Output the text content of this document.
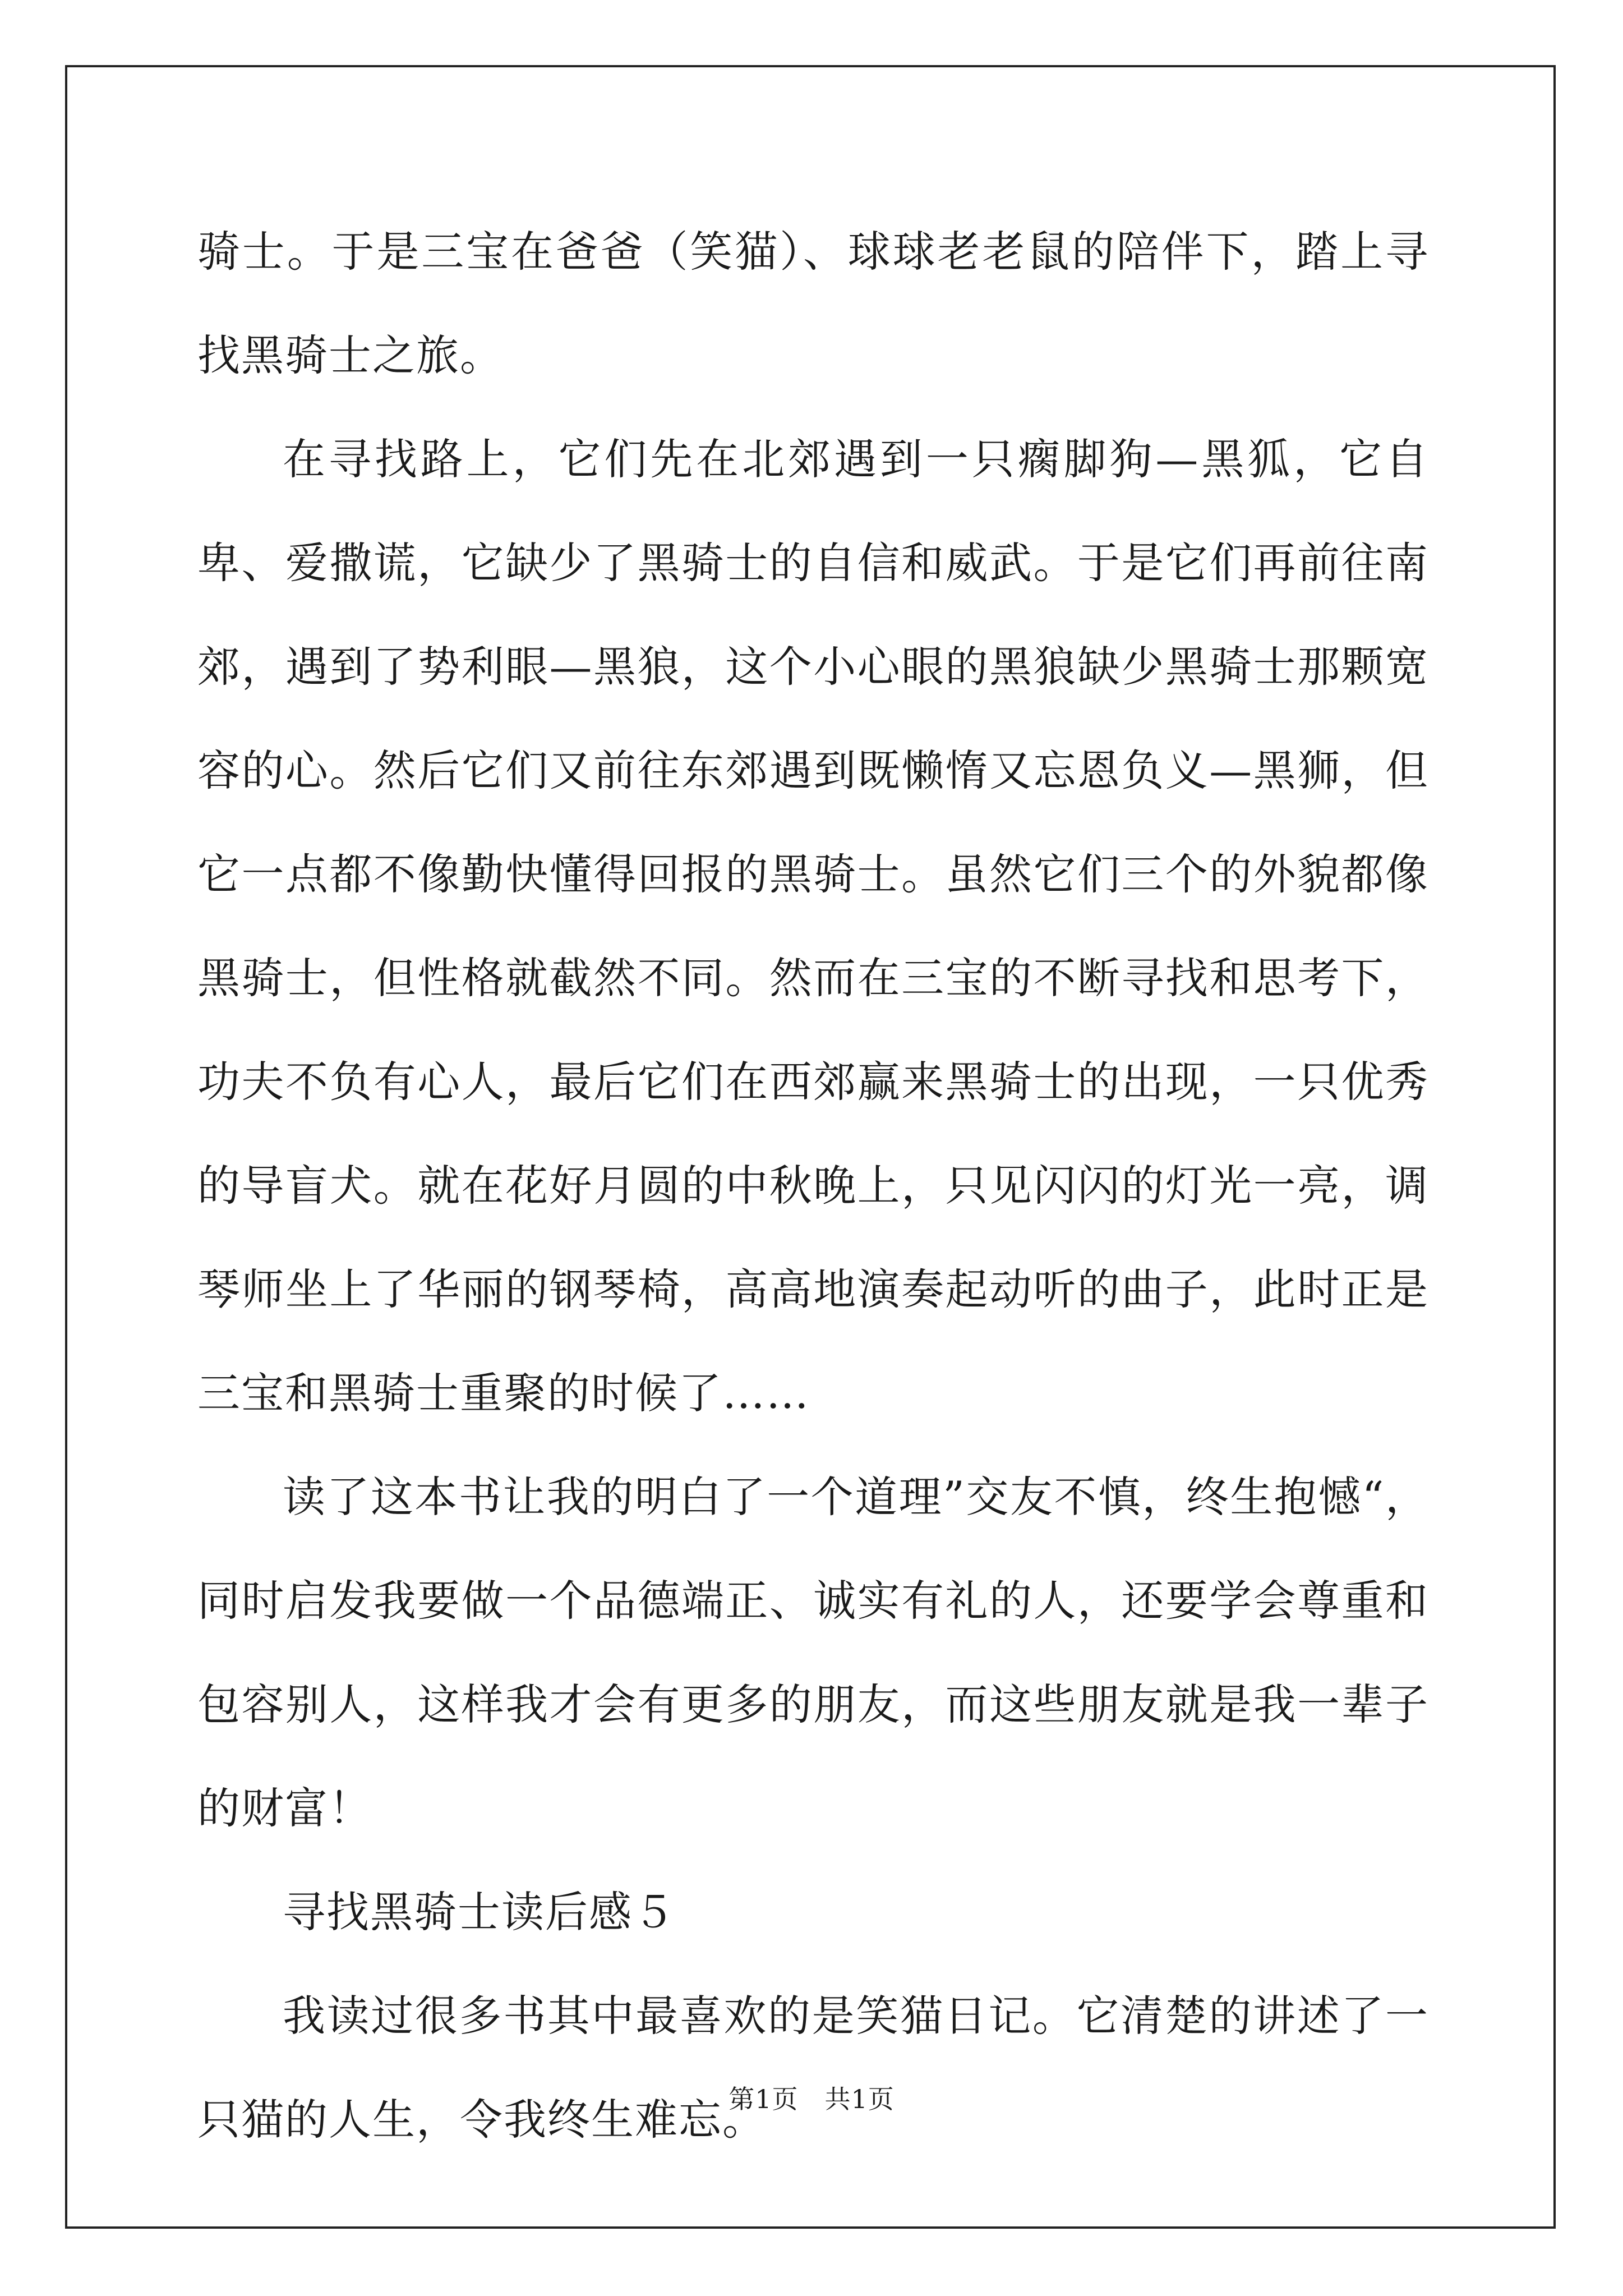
骑士。于是三宝在爸爸（笑猫）、球球老老鼠的陪伴下，踏上寻找黑骑士之旅。

在寻找路上，它们先在北郊遇到一只瘸脚狗—黑狐，它自卑、爱撒谎，它缺少了黑骑士的自信和威武。于是它们再前往南郊，遇到了势利眼—黑狼，这个小心眼的黑狼缺少黑骑士那颗宽容的心。然后它们又前往东郊遇到既懒惰又忘恩负义—黑狮，但它一点都不像勤快懂得回报的黑骑士。虽然它们三个的外貌都像黑骑士，但性格就截然不同。然而在三宝的不断寻找和思考下，功夫不负有心人，最后它们在西郊赢来黑骑士的出现，一只优秀的导盲犬。就在花好月圆的中秋晚上，只见闪闪的灯光一亮，调琴师坐上了华丽的钢琴椅，高高地演奏起动听的曲子，此时正是三宝和黑骑士重聚的时候了……

读了这本书让我的明白了一个道理”交友不慎，终生抱憾“，同时启发我要做一个品德端正、诚实有礼的人，还要学会尊重和包容别人，这样我才会有更多的朋友，而这些朋友就是我一辈子的财富！

寻找黑骑士读后感５

我读过很多书其中最喜欢的是笑猫日记。它清楚的讲述了一只猫的人生，令我终生难忘。

第1页　共1页
